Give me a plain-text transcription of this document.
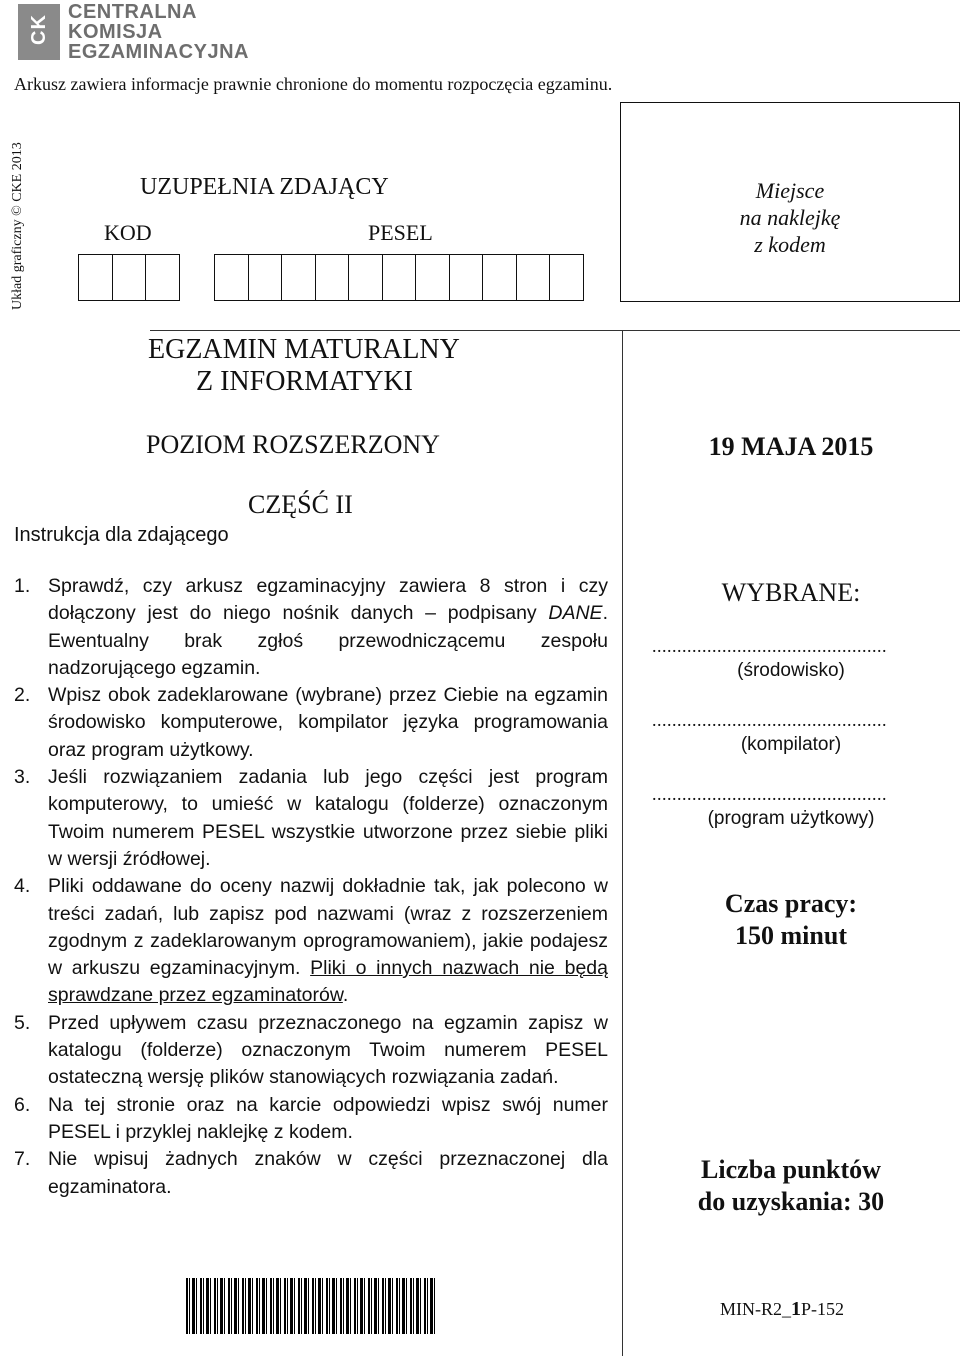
CK
CENTRALNA
KOMISJA
EGZAMINACYJNA
Arkusz zawiera informacje prawnie chronione do momentu rozpoczęcia egzaminu.
Układ graficzny © CKE 2013	UZUPEŁNIA ZDAJĄCY
KOD	PESEL
Miejsce
na naklejkę
z kodem
EGZAMIN MATURALNY
Z INFORMATYKI
POZIOM ROZSZERZONY
CZĘŚĆ II
Instrukcja dla zdającego
1. Sprawdź, czy arkusz egzaminacyjny zawiera 8 stron i czy dołączony jest do niego nośnik danych – podpisany DANE. Ewentualny brak zgłoś przewodniczącemu zespołu nadzorującego egzamin.
2. Wpisz obok zadeklarowane (wybrane) przez Ciebie na egzamin środowisko komputerowe, kompilator języka programowania oraz program użytkowy.
3. Jeśli rozwiązaniem zadania lub jego części jest program komputerowy, to umieść w katalogu (folderze) oznaczonym Twoim numerem PESEL wszystkie utworzone przez siebie pliki w wersji źródłowej.
4. Pliki oddawane do oceny nazwij dokładnie tak, jak polecono w treści zadań, lub zapisz pod nazwami (wraz z rozszerzeniem zgodnym z zadeklarowanym oprogramowaniem), jakie podajesz w arkuszu egzaminacyjnym. Pliki o innych nazwach nie będą sprawdzane przez egzaminatorów.
5. Przed upływem czasu przeznaczonego na egzamin zapisz w katalogu (folderze) oznaczonym Twoim numerem PESEL ostateczną wersję plików stanowiących rozwiązania zadań.
6. Na tej stronie oraz na karcie odpowiedzi wpisz swój numer PESEL i przyklej naklejkę z kodem.
7. Nie wpisuj żadnych znaków w części przeznaczonej dla egzaminatora.
19 MAJA 2015
WYBRANE:
...............................................
(środowisko)
...............................................
(kompilator)
...............................................
(program użytkowy)
Czas pracy:
150 minut
Liczba punktów
do uzyskania: 30
MIN-R2_1P-152
